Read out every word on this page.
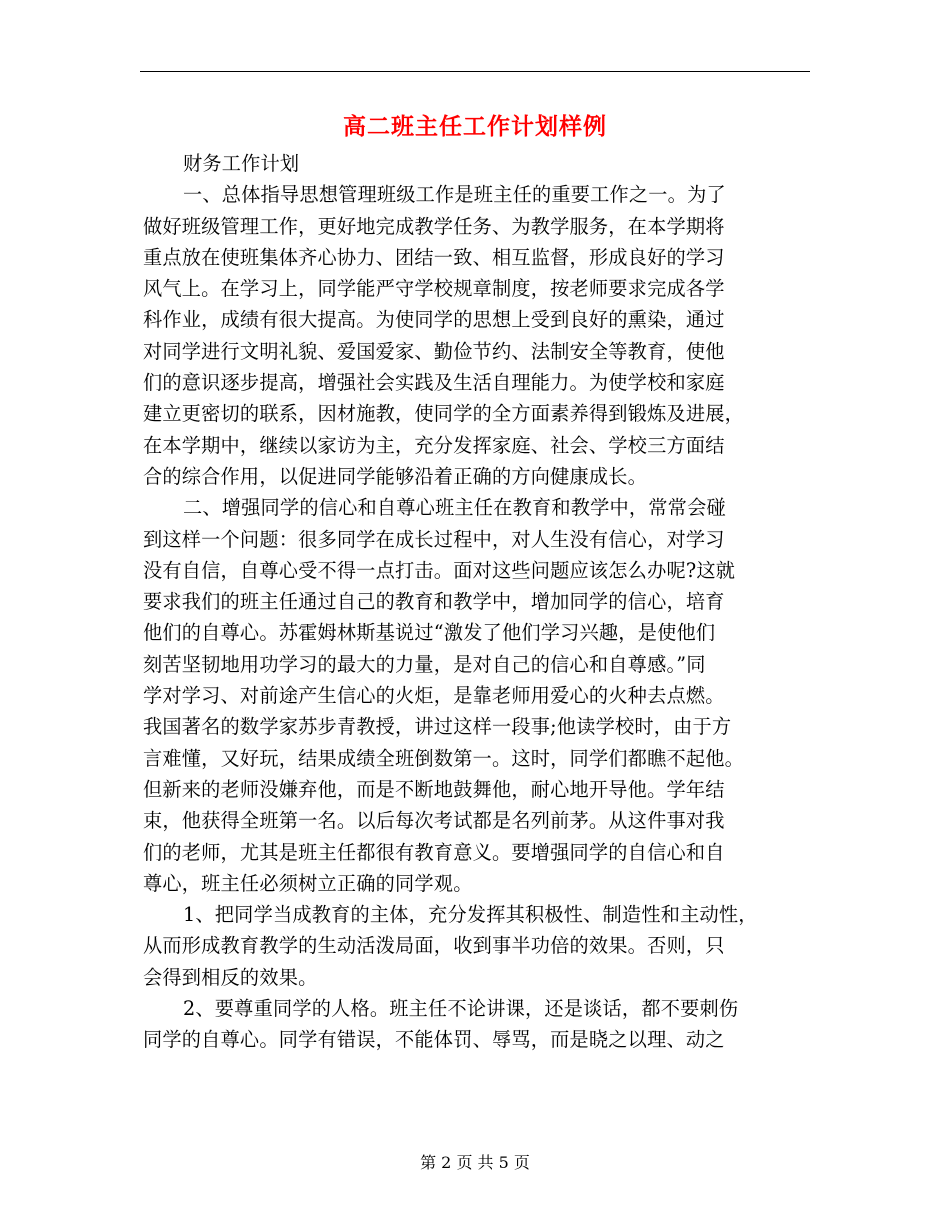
高二班主任工作计划样例
财务工作计划
一、总体指导思想管理班级工作是班主任的重要工作之一。为了
做好班级管理工作，更好地完成教学任务、为教学服务，在本学期将
重点放在使班集体齐心协力、团结一致、相互监督，形成良好的学习
风气上。在学习上，同学能严守学校规章制度，按老师要求完成各学
科作业，成绩有很大提高。为使同学的思想上受到良好的熏染，通过
对同学进行文明礼貌、爱国爱家、勤俭节约、法制安全等教育，使他
们的意识逐步提高，增强社会实践及生活自理能力。为使学校和家庭
建立更密切的联系，因材施教，使同学的全方面素养得到锻炼及进展，
在本学期中，继续以家访为主，充分发挥家庭、社会、学校三方面结
合的综合作用，以促进同学能够沿着正确的方向健康成长。
二、增强同学的信心和自尊心班主任在教育和教学中，常常会碰
到这样一个问题：很多同学在成长过程中，对人生没有信心，对学习
没有自信，自尊心受不得一点打击。面对这些问题应该怎么办呢?这就
要求我们的班主任通过自己的教育和教学中，增加同学的信心，培育
他们的自尊心。苏霍姆林斯基说过“激发了他们学习兴趣，是使他们
刻苦坚韧地用功学习的最大的力量，是对自己的信心和自尊感。”同
学对学习、对前途产生信心的火炬，是靠老师用爱心的火种去点燃。
我国著名的数学家苏步青教授，讲过这样一段事;他读学校时，由于方
言难懂，又好玩，结果成绩全班倒数第一。这时，同学们都瞧不起他。
但新来的老师没嫌弃他，而是不断地鼓舞他，耐心地开导他。学年结
束，他获得全班第一名。以后每次考试都是名列前茅。从这件事对我
们的老师，尤其是班主任都很有教育意义。要增强同学的自信心和自
尊心，班主任必须树立正确的同学观。
1、把同学当成教育的主体，充分发挥其积极性、制造性和主动性，
从而形成教育教学的生动活泼局面，收到事半功倍的效果。否则，只
会得到相反的效果。
2、要尊重同学的人格。班主任不论讲课，还是谈话，都不要刺伤
同学的自尊心。同学有错误，不能体罚、辱骂，而是晓之以理、动之
第 2 页 共 5 页
